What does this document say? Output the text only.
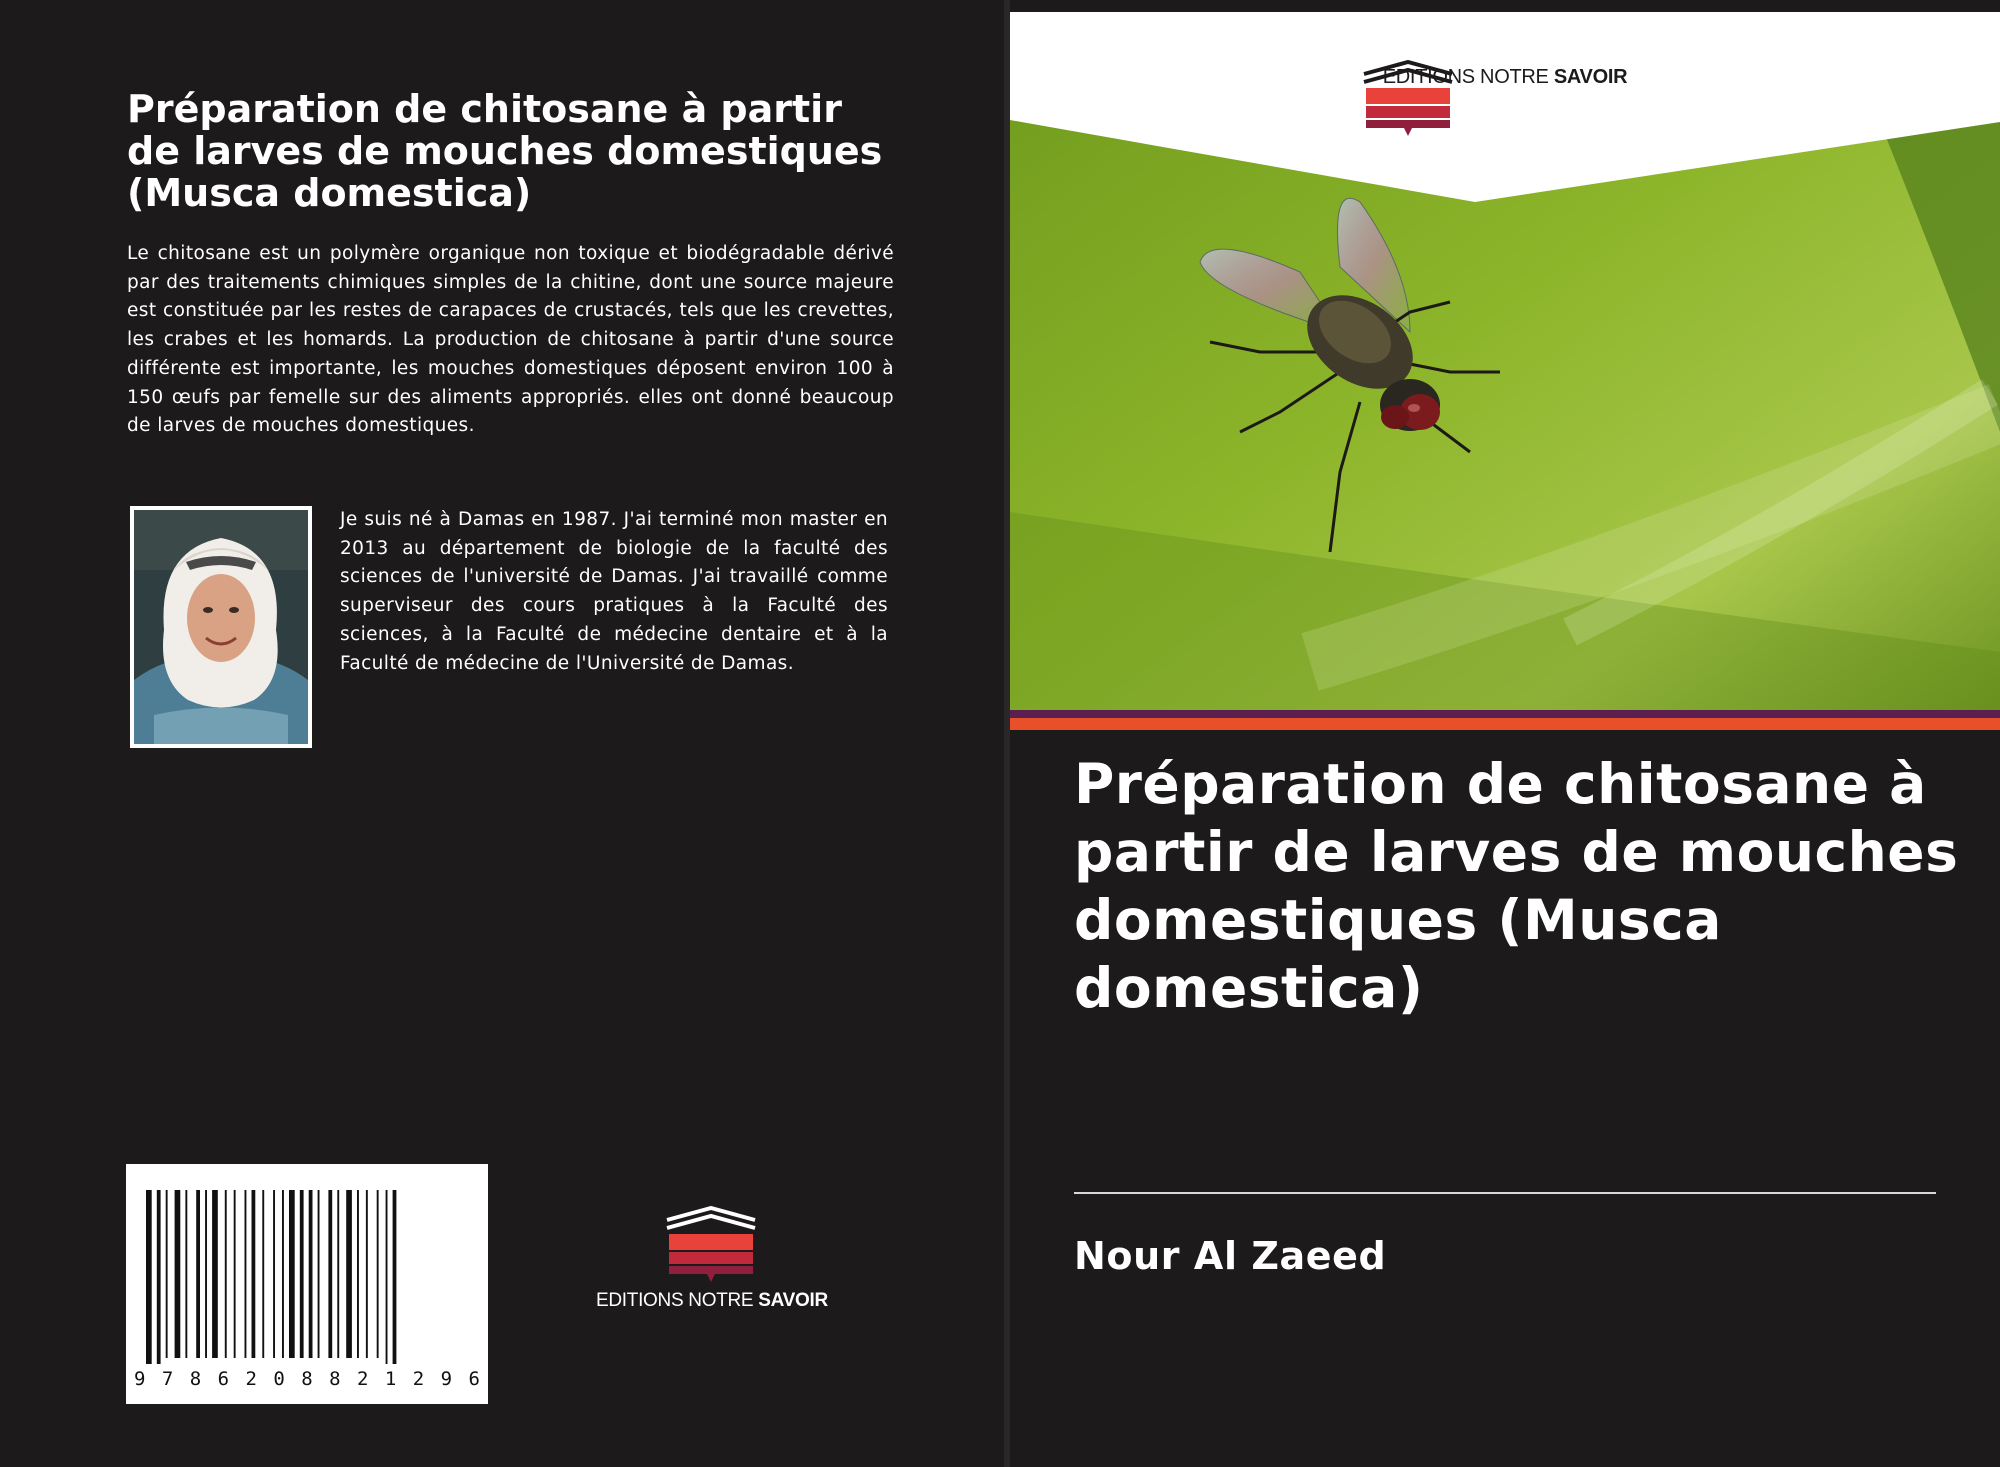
Préparation de chitosane à partir de larves de mouches domestiques (Musca domestica)

Le chitosane est un polymère organique non toxique et biodégradable dérivé par des traitements chimiques simples de la chitine, dont une source majeure est constituée par les restes de carapaces de crustacés, tels que les crevettes, les crabes et les homards. La production de chitosane à partir d'une source différente est importante, les mouches domestiques déposent environ 100 à 150 œufs par femelle sur des aliments appropriés. elles ont donné beaucoup de larves de mouches domestiques.

Je suis né à Damas en 1987. J'ai terminé mon master en 2013 au département de biologie de la faculté des sciences de l'université de Damas. J'ai travaillé comme superviseur des cours pratiques à la Faculté des sciences, à la Faculté de médecine dentaire et à la Faculté de médecine de l'Université de Damas.

9 7 8 6 2 0 8 8 2 1 2 9 6
EDITIONS NOTRE SAVOIR
EDITIONS NOTRE SAVOIR
Préparation de chitosane à partir de larves de mouches domestiques (Musca domestica)
Nour Al Zaeed
